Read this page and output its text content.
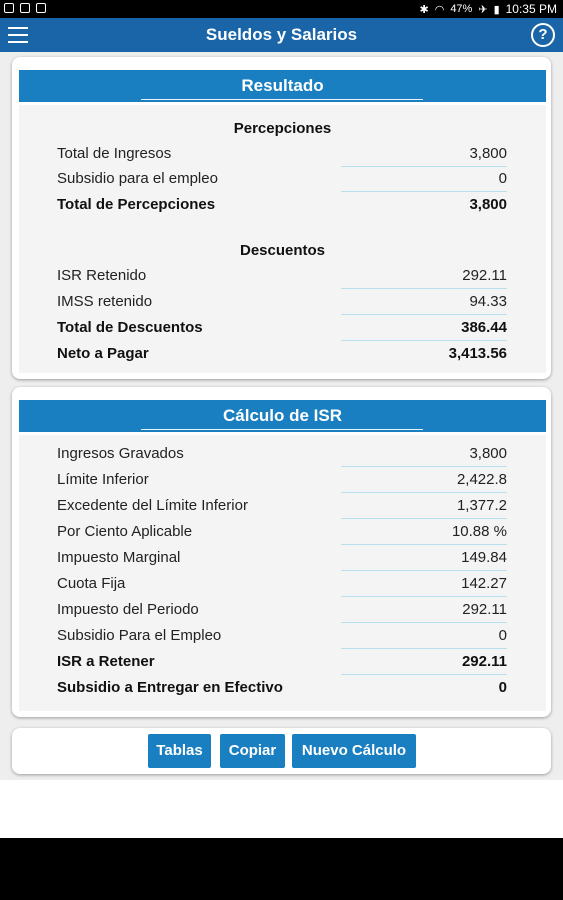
✱ ◠ 47% ✈ ▮ 10:35 PM
Sueldos y Salarios	?
Resultado
Percepciones
Total de Ingresos	3,800
Subsidio para el empleo	0
Total de Percepciones	3,800
Descuentos
ISR Retenido	292.11
IMSS retenido	94.33
Total de Descuentos	386.44
Neto a Pagar	3,413.56
Cálculo de ISR
Ingresos Gravados	3,800
Límite Inferior	2,422.8
Excedente del Límite Inferior	1,377.2
Por Ciento Aplicable	10.88 %
Impuesto Marginal	149.84
Cuota Fija	142.27
Impuesto del Periodo	292.11
Subsidio Para el Empleo	0
ISR a Retener	292.11
Subsidio a Entregar en Efectivo	0
Tablas	Copiar	Nuevo Cálculo
